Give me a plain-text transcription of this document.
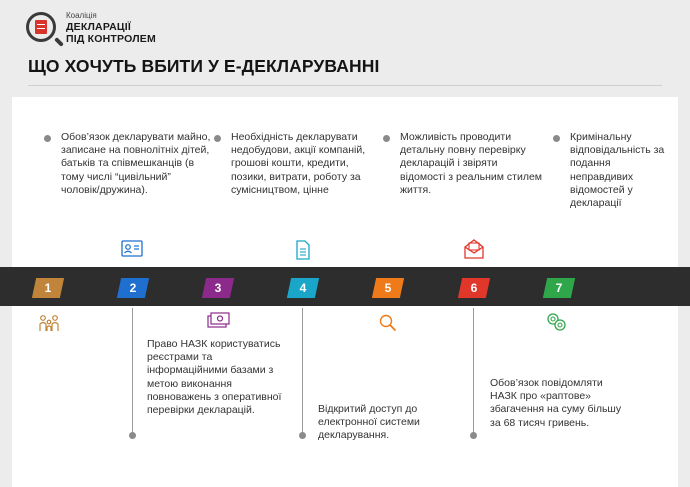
Коаліція
ДЕКЛАРАЦІЇ
ПІД КОНТРОЛЕМ
ЩО ХОЧУТЬ ВБИТИ У Е-ДЕКЛАРУВАННІ
Обов’язок декларувати майно, записане на повнолітніх дітей, батьків та співмешканців (в тому числі “цивільний” чоловік/дружина).
Необхідність декларувати недобудови, акції компаній, грошові кошти, кредити, позики, витрати, роботу за сумісництвом, цінне
Можливість проводити детальну повну перевірку декларацій і звіряти відомості з реальним стилем життя.
Кримінальну відповідальність за подання неправдивих відомостей у декларації
1	2	3	4	5	6	7
Право НАЗК користуватись реєстрами та інформаційними базами з метою виконання повноважень з оперативної перевірки декларацій.	Відкритий доступ до електронної системи декларування.
Обов’язок повідомляти НАЗК про «раптове» збагачення на суму більшу за 68 тисяч гривень.
